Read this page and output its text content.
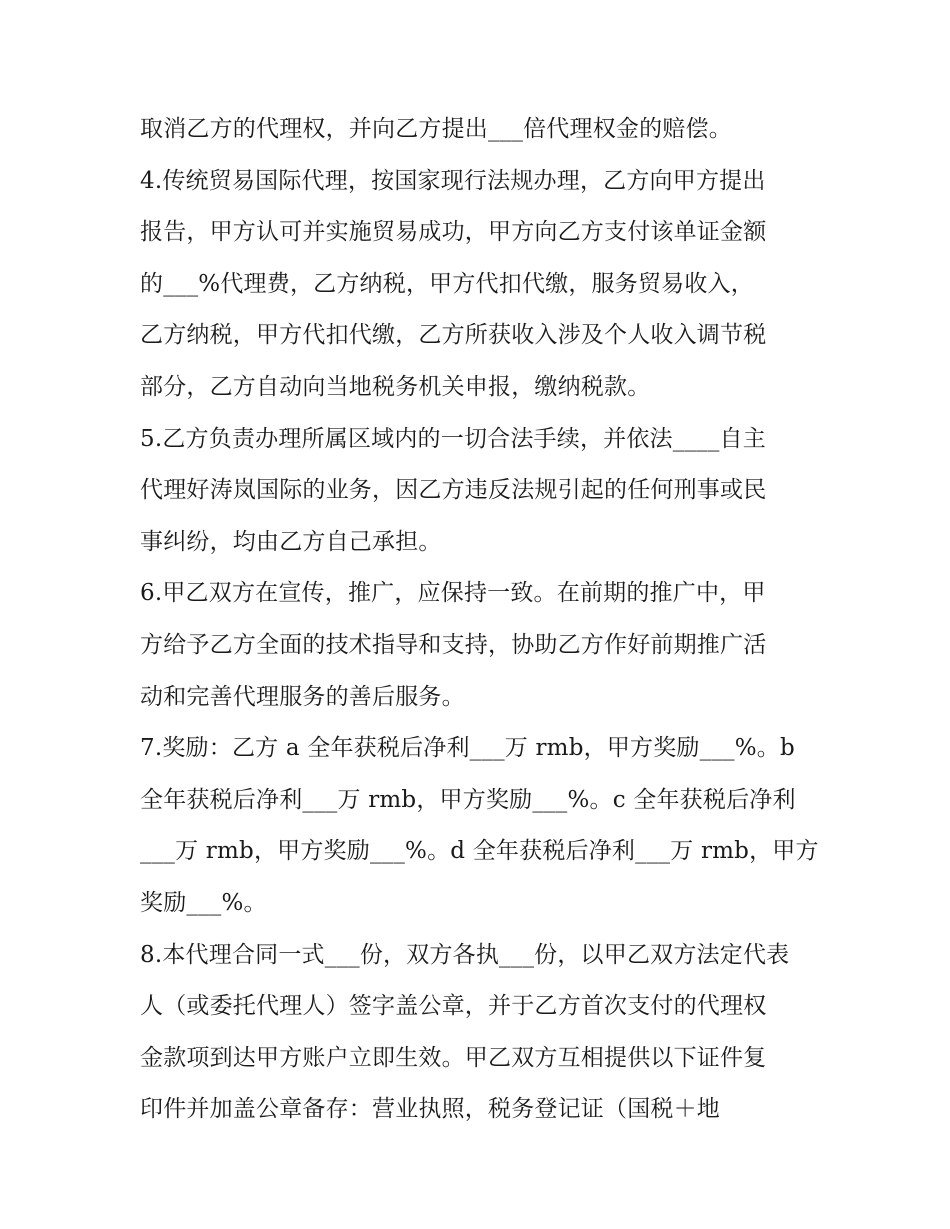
取消乙方的代理权，并向乙方提出___倍代理权金的赔偿。
4.传统贸易国际代理，按国家现行法规办理，乙方向甲方提出
报告，甲方认可并实施贸易成功，甲方向乙方支付该单证金额
的___%代理费，乙方纳税，甲方代扣代缴，服务贸易收入，
乙方纳税，甲方代扣代缴，乙方所获收入涉及个人收入调节税
部分，乙方自动向当地税务机关申报，缴纳税款。
5.乙方负责办理所属区域内的一切合法手续，并依法____自主
代理好涛岚国际的业务，因乙方违反法规引起的任何刑事或民
事纠纷，均由乙方自己承担。
6.甲乙双方在宣传，推广，应保持一致。在前期的推广中，甲
方给予乙方全面的技术指导和支持，协助乙方作好前期推广活
动和完善代理服务的善后服务。
7.奖励：乙方 a 全年获税后净利___万 rmb，甲方奖励___%。b
全年获税后净利___万 rmb，甲方奖励___%。c 全年获税后净利
___万 rmb，甲方奖励___%。d 全年获税后净利___万 rmb，甲方
奖励___%。
8.本代理合同一式___份，双方各执___份，以甲乙双方法定代表
人（或委托代理人）签字盖公章，并于乙方首次支付的代理权
金款项到达甲方账户立即生效。甲乙双方互相提供以下证件复
印件并加盖公章备存：营业执照，税务登记证（国税＋地
